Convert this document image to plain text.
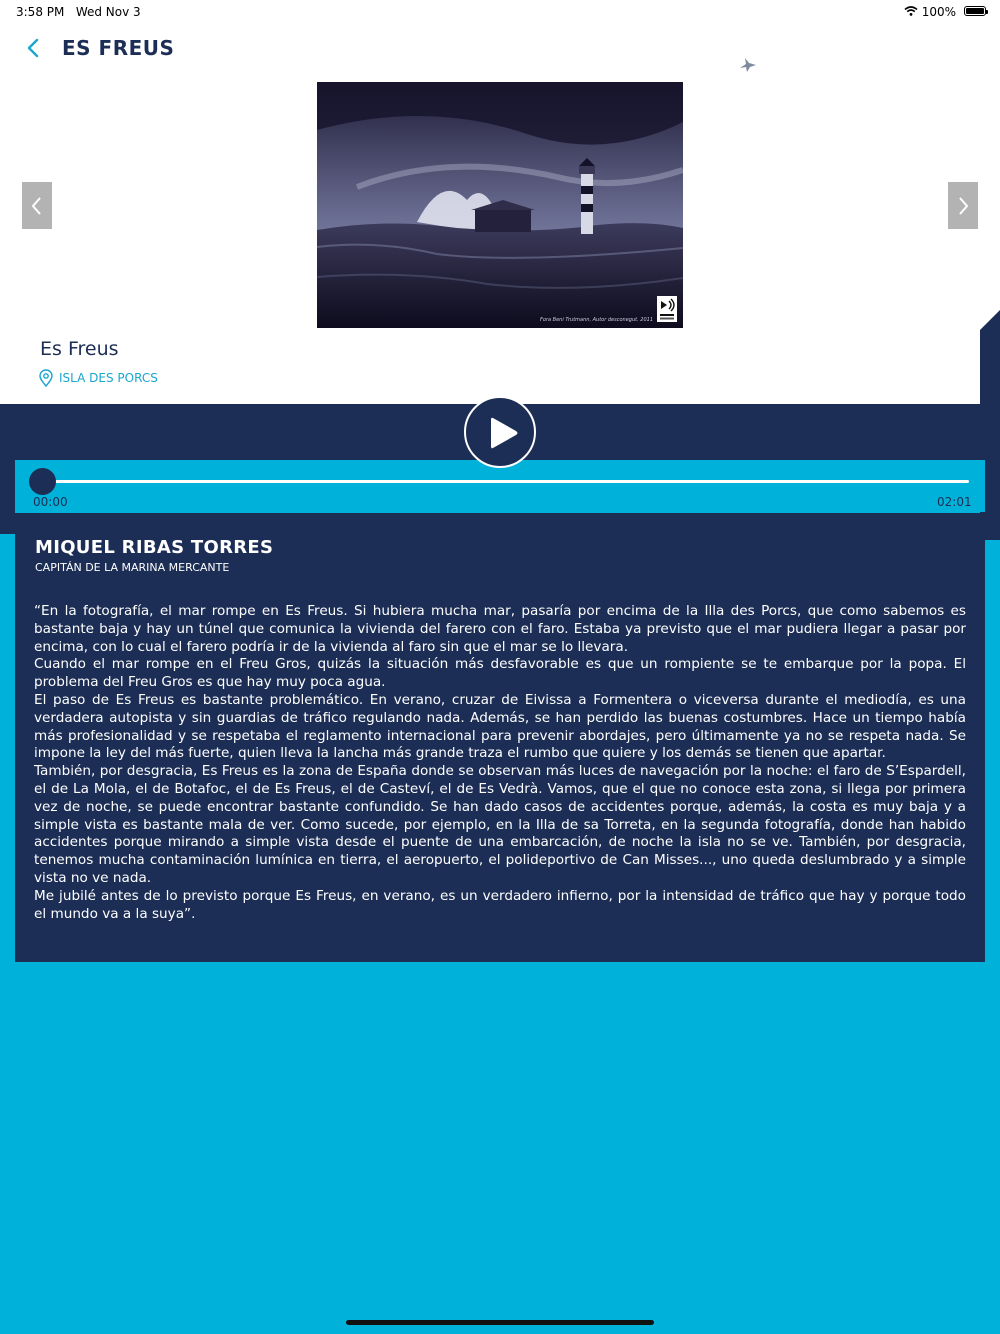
3:58 PM Wed Nov 3	100%
ES FREUS
Fora Beni Trutmann, Autor desconegut. 2011
Es Freus
ISLA DES PORCS
00:00	02:01
MIQUEL RIBAS TORRES
CAPITÁN DE LA MARINA MERCANTE

“En la fotografía, el mar rompe en Es Freus. Si hubiera mucha mar, pasaría por encima de la Illa des Porcs, que como sabemos es bastante baja y hay un túnel que comunica la vivienda del farero con el faro. Estaba ya previsto que el mar pudiera llegar a pasar por encima, con lo cual el farero podría ir de la vivienda al faro sin que el mar se lo llevara.

Cuando el mar rompe en el Freu Gros, quizás la situación más desfavorable es que un rompiente se te embarque por la popa. El problema del Freu Gros es que hay muy poca agua.

El paso de Es Freus es bastante problemático. En verano, cruzar de Eivissa a Formentera o viceversa durante el mediodía, es una verdadera autopista y sin guardias de tráfico regulando nada. Además, se han perdido las buenas costumbres. Hace un tiempo había más profesionalidad y se respetaba el reglamento internacional para prevenir abordajes, pero últimamente ya no se respeta nada. Se impone la ley del más fuerte, quien lleva la lancha más grande traza el rumbo que quiere y los demás se tienen que apartar.

También, por desgracia, Es Freus es la zona de España donde se observan más luces de navegación por la noche: el faro de S’Espardell, el de La Mola, el de Botafoc, el de Es Freus, el de Casteví, el de Es Vedrà. Vamos, que el que no conoce esta zona, si llega por primera vez de noche, se puede encontrar bastante confundido. Se han dado casos de accidentes porque, además, la costa es muy baja y a simple vista es bastante mala de ver. Como sucede, por ejemplo, en la Illa de sa Torreta, en la segunda fotografía, donde han habido accidentes porque mirando a simple vista desde el puente de una embarcación, de noche la isla no se ve. También, por desgracia, tenemos mucha contaminación lumínica en tierra, el aeropuerto, el polideportivo de Can Misses..., uno queda deslumbrado y a simple vista no ve nada.

Me jubilé antes de lo previsto porque Es Freus, en verano, es un verdadero infierno, por la intensidad de tráfico que hay y porque todo el mundo va a la suya”.
